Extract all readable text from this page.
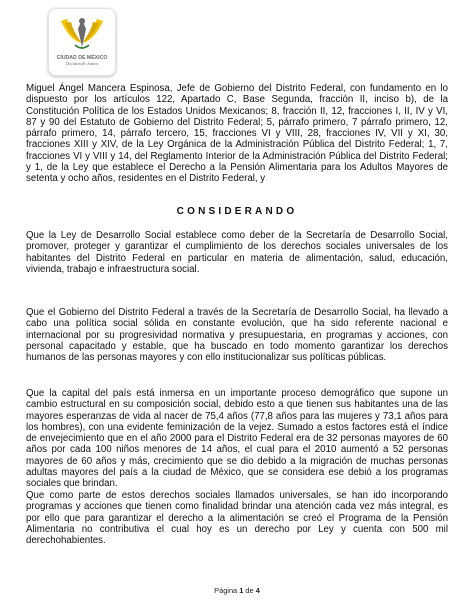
CIUDAD DE MÉXICO
Decidiendo Juntos

Miguel Ángel Mancera Espinosa, Jefe de Gobierno del Distrito Federal, con fundamento en lo dispuesto por los artículos 122, Apartado C, Base Segunda, fracción II, inciso b), de la Constitución Política de los Estados Unidos Mexicanos; 8, fracción II, 12, fracciones I, II, IV y VI, 87 y 90 del Estatuto de Gobierno del Distrito Federal; 5, párrafo primero, 7 párrafo primero, 12, párrafo primero, 14, párrafo tercero, 15, fracciones VI y VIII, 28, fracciones IV, VII y XI, 30, fracciones XIII y XIV, de la Ley Orgánica de la Administración Pública del Distrito Federal; 1, 7, fracciones VI y VIII y 14, del Reglamento Interior de la Administración Pública del Distrito Federal; y 1, de la Ley que establece el Derecho a la Pensión Alimentaria para los Adultos Mayores de setenta y ocho años, residentes en el Distrito Federal, y

CONSIDERANDO

Que la Ley de Desarrollo Social establece como deber de la Secretaría de Desarrollo Social, promover, proteger y garantizar el cumplimiento de los derechos sociales universales de los habitantes del Distrito Federal en particular en materia de alimentación, salud, educación, vivienda, trabajo e infraestructura social.

Que el Gobierno del Distrito Federal a través de la Secretaría de Desarrollo Social, ha llevado a cabo una política social sólida en constante evolución, que ha sido referente nacional e internacional por su progresividad normativa y presupuestaria, en programas y acciones, con personal capacitado y estable, que ha buscado en todo momento garantizar los derechos humanos de las personas mayores y con ello institucionalizar sus políticas públicas.

Que la capital del país está inmersa en un importante proceso demográfico que supone un cambio estructural en su composición social, debido esto a que tienen sus habitantes una de las mayores esperanzas de vida al nacer de 75,4 años (77,8 años para las mujeres y 73,1 años para los hombres), con una evidente feminización de la vejez. Sumado a estos factores está el índice de envejecimiento que en el año 2000 para el Distrito Federal era de 32 personas mayores de 60 años por cada 100 niños menores de 14 años, el cual para el 2010 aumentó a 52 personas mayores de 60 años y más, crecimiento que se dio debido a la migración de muchas personas adultas mayores del país a la ciudad de México, que se considera ese debió a los programas sociales que brindan.

Que como parte de estos derechos sociales llamados universales, se han ido incorporando programas y acciones que tienen como finalidad brindar una atención cada vez más integral, es por ello que para garantizar el derecho a la alimentación se creó el Programa de la Pensión Alimentaria no contributiva el cual hoy es un derecho por Ley y cuenta con 500 mil derechohabientes.

Página 1 de 4
